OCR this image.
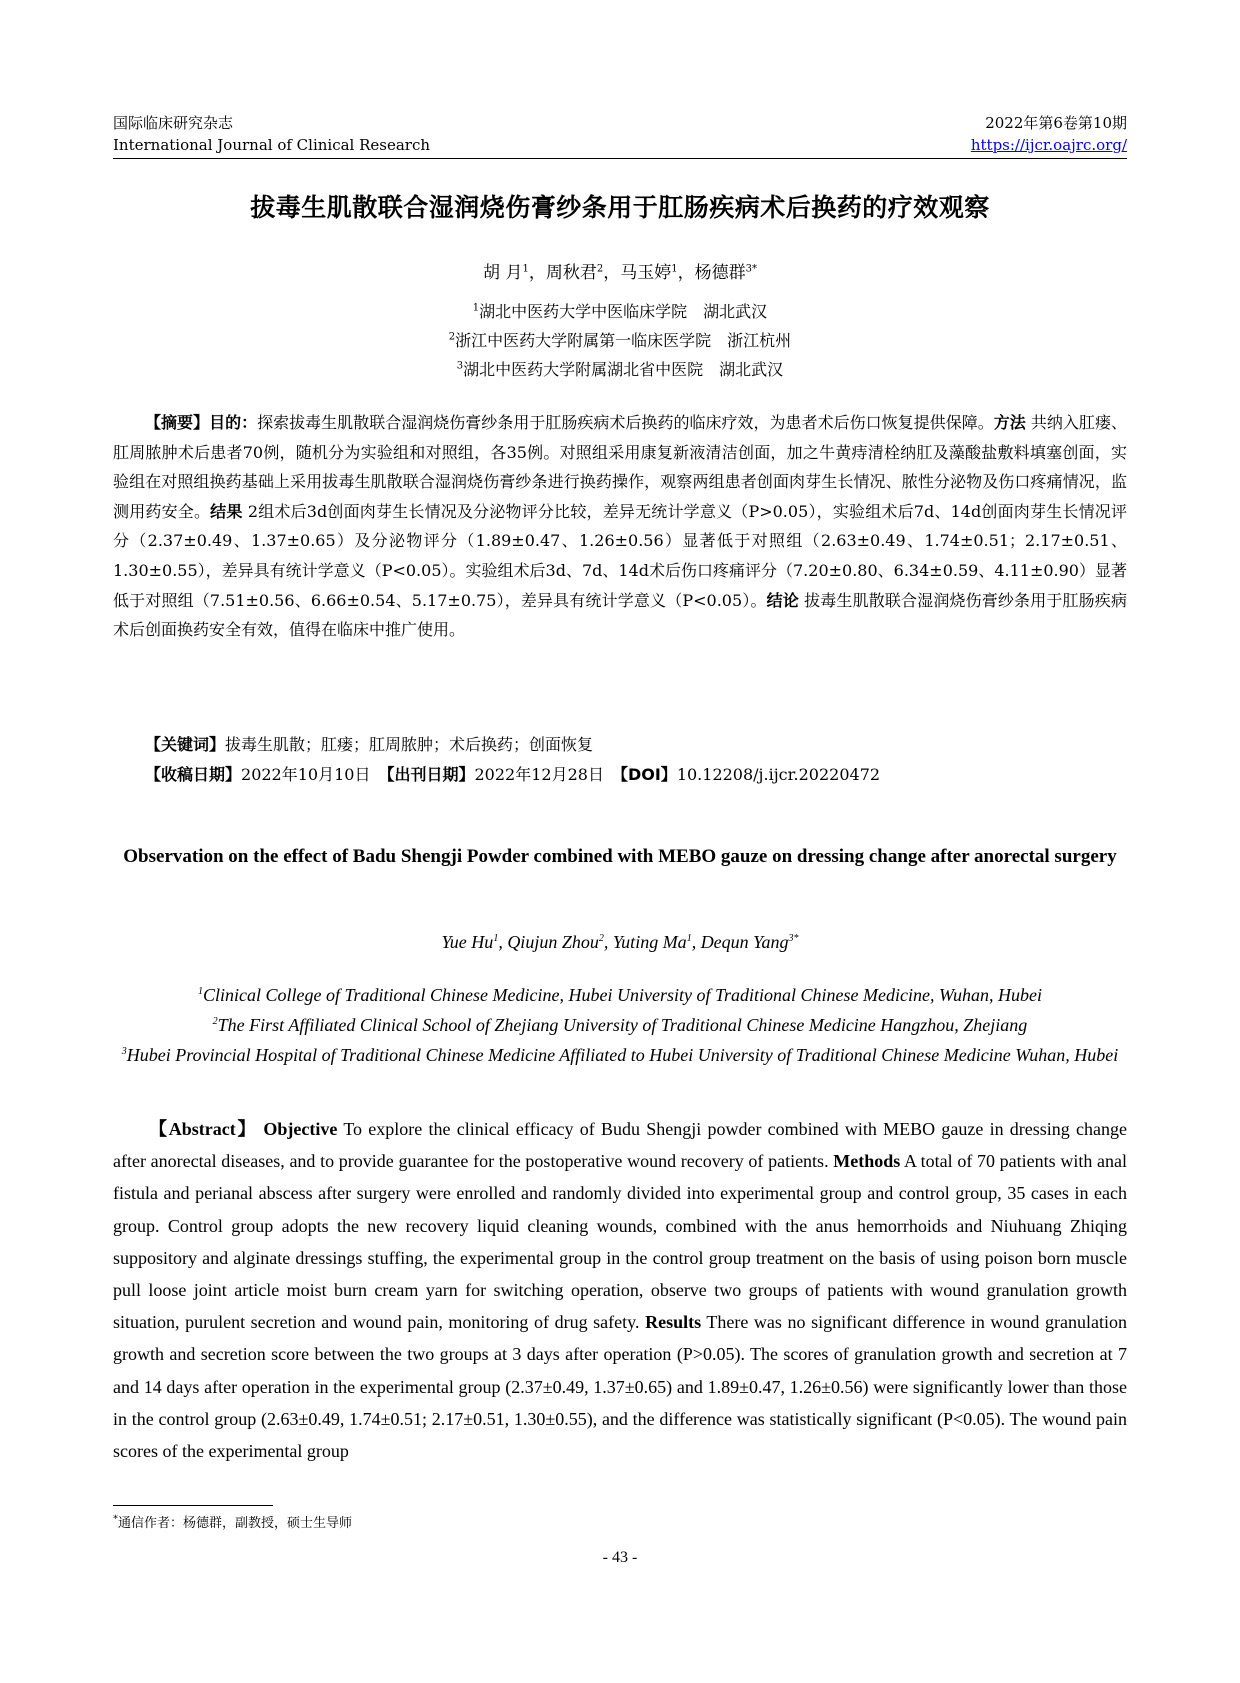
国际临床研究杂志
International Journal of Clinical Research
2022年第6卷第10期
https://ijcr.oajrc.org/
拔毒生肌散联合湿润烧伤膏纱条用于肛肠疾病术后换药的疗效观察
胡 月$^1$，周秋君$^2$，马玉婷$^1$，杨德群$^{3*}$
$^1$湖北中医药大学中医临床学院　湖北武汉
$^2$浙江中医药大学附属第一临床医学院　浙江杭州
$^3$湖北中医药大学附属湖北省中医院　湖北武汉
【摘要】目的：探索拔毒生肌散联合湿润烧伤膏纱条用于肛肠疾病术后换药的临床疗效，为患者术后伤口恢复提供保障。方法 共纳入肛瘘、肛周脓肿术后患者70例，随机分为实验组和对照组，各35例。对照组采用康复新液清洁创面，加之牛黄痔清栓纳肛及藻酸盐敷料填塞创面，实验组在对照组换药基础上采用拔毒生肌散联合湿润烧伤膏纱条进行换药操作，观察两组患者创面肉芽生长情况、脓性分泌物及伤口疼痛情况，监测用药安全。结果 2组术后3d创面肉芽生长情况及分泌物评分比较，差异无统计学意义（P>0.05），实验组术后7d、14d创面肉芽生长情况评分（2.37±0.49、1.37±0.65）及分泌物评分（1.89±0.47、1.26±0.56）显著低于对照组（2.63±0.49、1.74±0.51；2.17±0.51、1.30±0.55），差异具有统计学意义（P<0.05）。实验组术后3d、7d、14d术后伤口疼痛评分（7.20±0.80、6.34±0.59、4.11±0.90）显著低于对照组（7.51±0.56、6.66±0.54、5.17±0.75），差异具有统计学意义（P<0.05）。结论 拔毒生肌散联合湿润烧伤膏纱条用于肛肠疾病术后创面换药安全有效，值得在临床中推广使用。
【关键词】拔毒生肌散；肛瘘；肛周脓肿；术后换药；创面恢复
【收稿日期】2022年10月10日　 【出刊日期】2022年12月28日　 【DOI】10.12208/j.ijcr.20220472
Observation on the effect of Badu Shengji Powder combined with MEBO gauze on dressing change after anorectal surgery
Yue Hu$^1$, Qiujun Zhou$^2$, Yuting Ma$^1$, Dequn Yang$^{3*}$
$^1$Clinical College of Traditional Chinese Medicine, Hubei University of Traditional Chinese Medicine, Wuhan, Hubei
$^2$The First Affiliated Clinical School of Zhejiang University of Traditional Chinese Medicine Hangzhou, Zhejiang
$^3$Hubei Provincial Hospital of Traditional Chinese Medicine Affiliated to Hubei University of Traditional Chinese Medicine Wuhan, Hubei
【Abstract】 Objective To explore the clinical efficacy of Budu Shengji powder combined with MEBO gauze in dressing change after anorectal diseases, and to provide guarantee for the postoperative wound recovery of patients. Methods A total of 70 patients with anal fistula and perianal abscess after surgery were enrolled and randomly divided into experimental group and control group, 35 cases in each group. Control group adopts the new recovery liquid cleaning wounds, combined with the anus hemorrhoids and Niuhuang Zhiqing suppository and alginate dressings stuffing, the experimental group in the control group treatment on the basis of using poison born muscle pull loose joint article moist burn cream yarn for switching operation, observe two groups of patients with wound granulation growth situation, purulent secretion and wound pain, monitoring of drug safety. Results There was no significant difference in wound granulation growth and secretion score between the two groups at 3 days after operation (P>0.05). The scores of granulation growth and secretion at 7 and 14 days after operation in the experimental group (2.37±0.49, 1.37±0.65) and 1.89±0.47, 1.26±0.56) were significantly lower than those in the control group (2.63±0.49, 1.74±0.51; 2.17±0.51, 1.30±0.55), and the difference was statistically significant (P<0.05). The wound pain scores of the experimental group
*通信作者：杨德群，副教授，硕士生导师
- 43 -
